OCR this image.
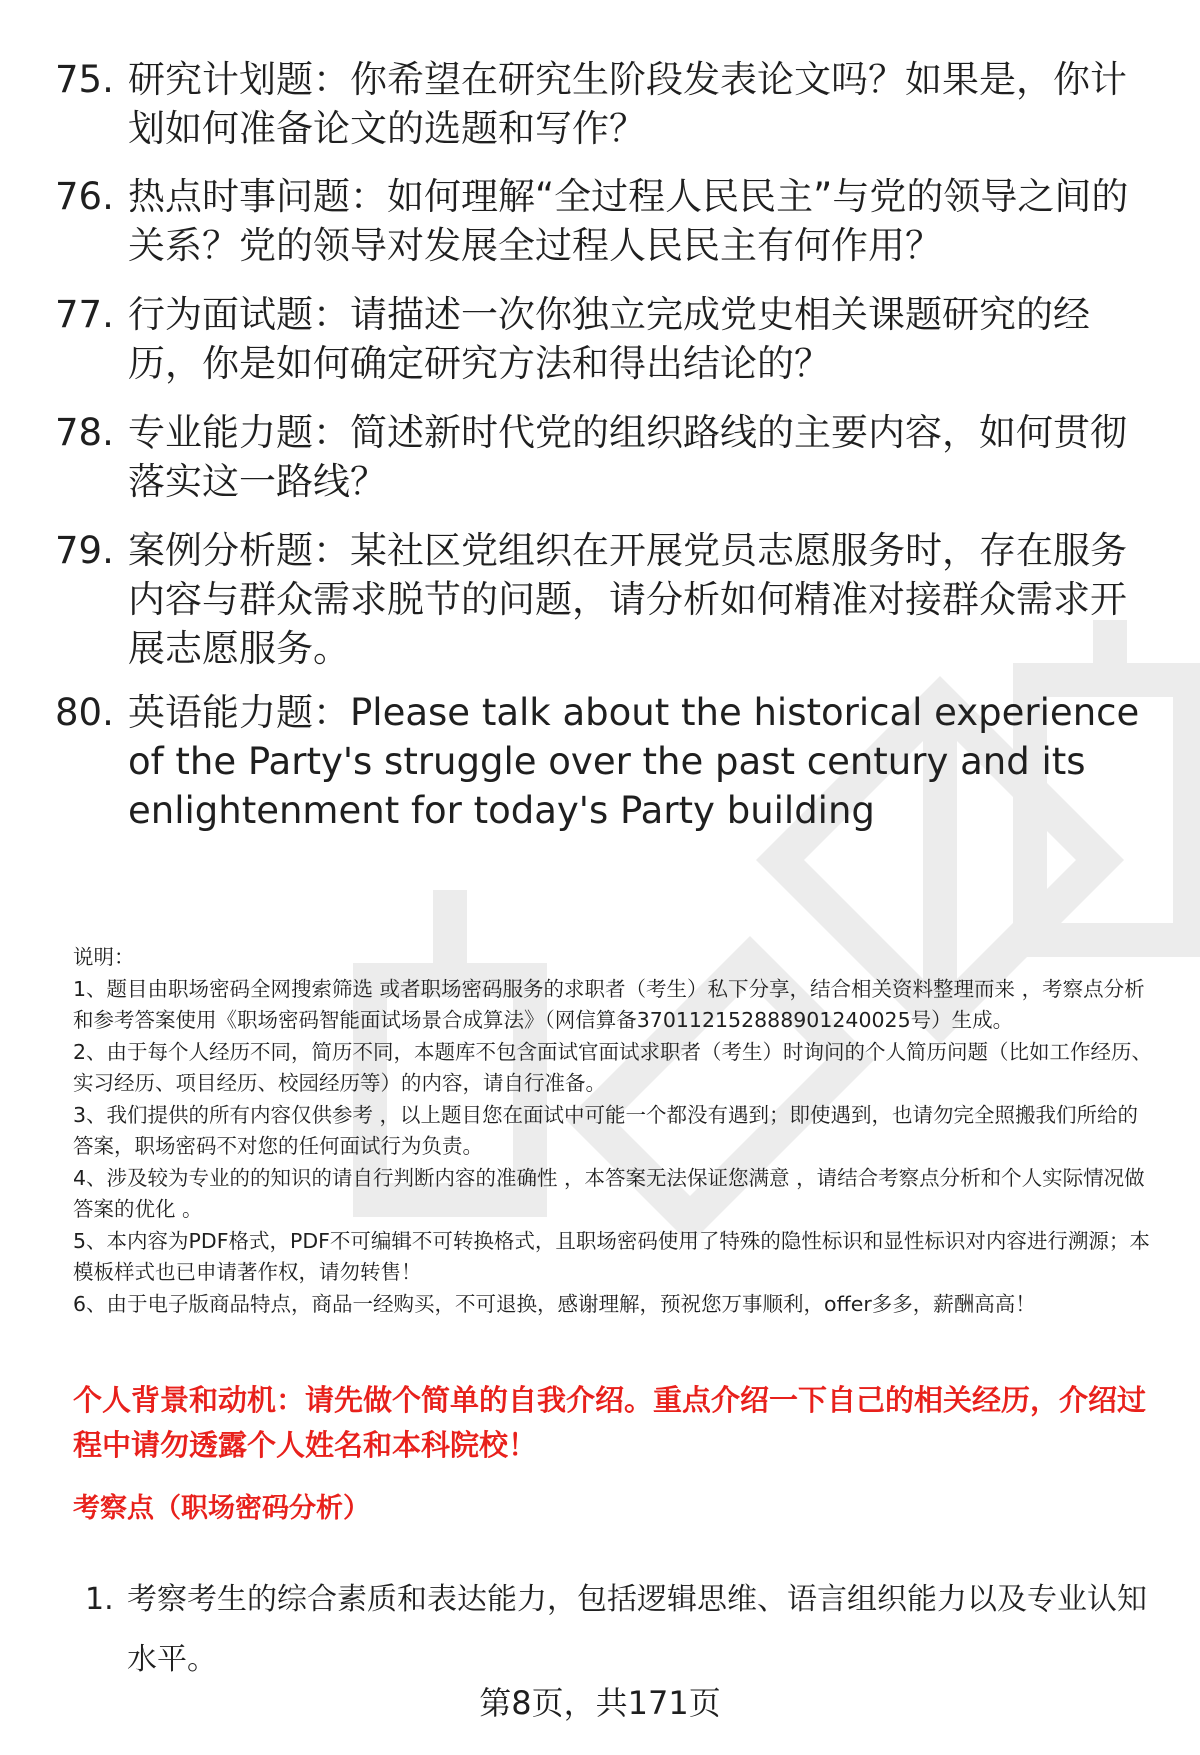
75. 研究计划题：你希望在研究生阶段发表论文吗？如果是，你计划如何准备论文的选题和写作？
76. 热点时事问题：如何理解“全过程人民民主”与党的领导之间的关系？党的领导对发展全过程人民民主有何作用？
77. 行为面试题：请描述一次你独立完成党史相关课题研究的经历，你是如何确定研究方法和得出结论的？
78. 专业能力题：简述新时代党的组织路线的主要内容，如何贯彻落实这一路线？
79. 案例分析题：某社区党组织在开展党员志愿服务时，存在服务内容与群众需求脱节的问题，请分析如何精准对接群众需求开展志愿服务。
80. 英语能力题：Please talk about the historical experience of the Party's struggle over the past century and its enlightenment for today's Party building

说明：

1、题目由职场密码全网搜索筛选 或者职场密码服务的求职者（考生）私下分享，结合相关资料整理而来 ，考察点分析和参考答案使用《职场密码智能面试场景合成算法》（网信算备370112152888901240025号）生成。

2、由于每个人经历不同，简历不同，本题库不包含面试官面试求职者（考生）时询问的个人简历问题（比如工作经历、实习经历、项目经历、校园经历等）的内容，请自行准备。

3、我们提供的所有内容仅供参考 ，以上题目您在面试中可能一个都没有遇到；即使遇到，也请勿完全照搬我们所给的答案，职场密码不对您的任何面试行为负责。

4、涉及较为专业的的知识的请自行判断内容的准确性 ，本答案无法保证您满意 ，请结合考察点分析和个人实际情况做答案的优化 。

5、本内容为PDF格式，PDF不可编辑不可转换格式，且职场密码使用了特殊的隐性标识和显性标识对内容进行溯源；本模板样式也已申请著作权，请勿转售！

6、由于电子版商品特点，商品一经购买，不可退换，感谢理解，预祝您万事顺利，offer多多，薪酬高高！

个人背景和动机：请先做个简单的自我介绍。重点介绍一下自己的相关经历，介绍过程中请勿透露个人姓名和本科院校！
考察点（职场密码分析）
1. 考察考生的综合素质和表达能力，包括逻辑思维、语言组织能力以及专业认知水平。
第8页，共171页
